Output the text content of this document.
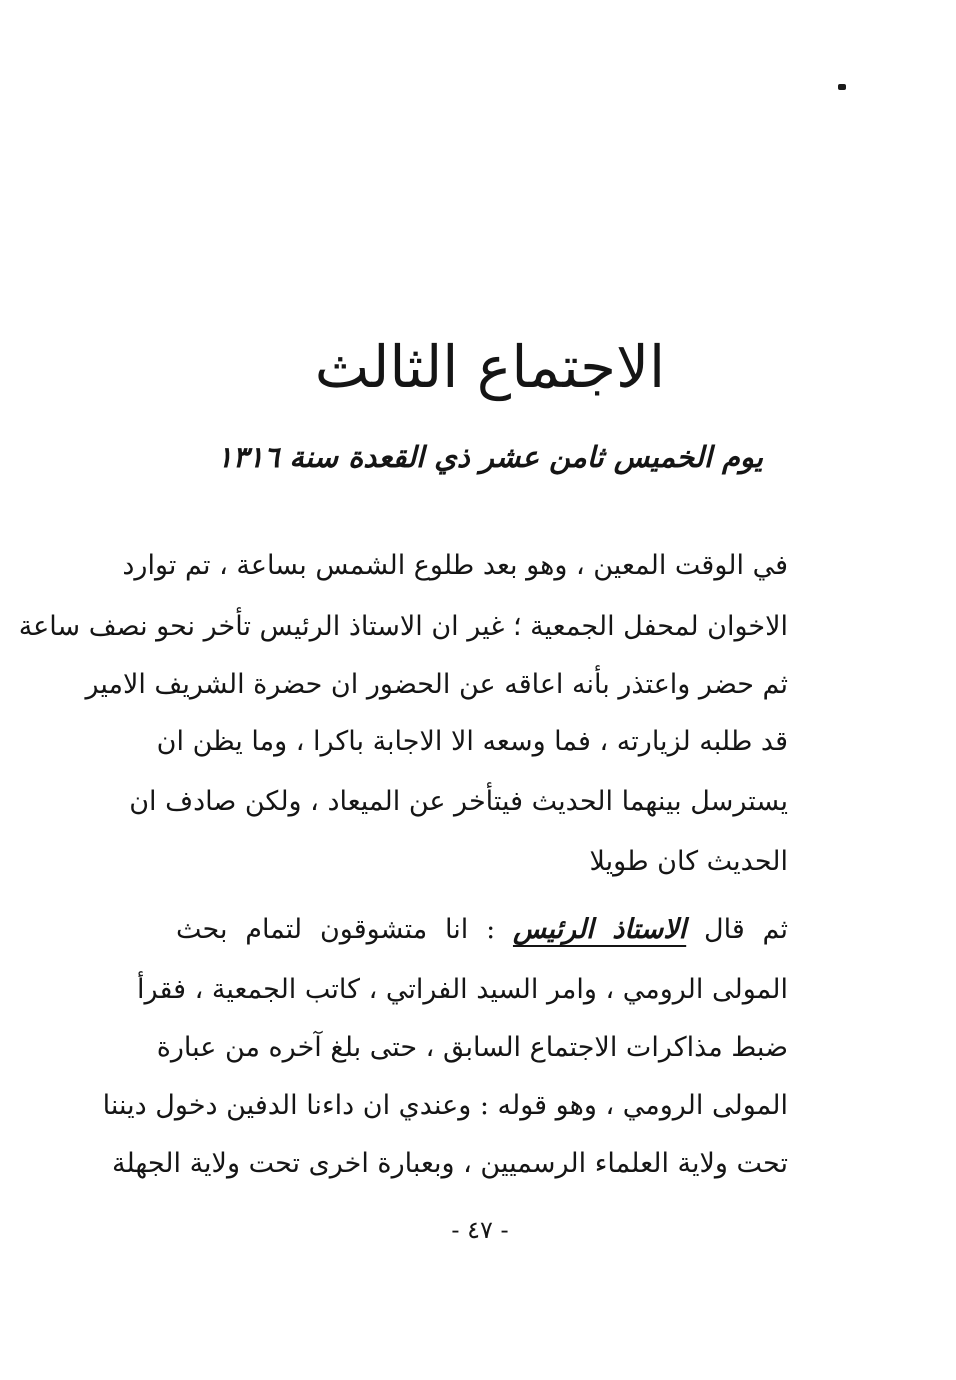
الاجتماع الثالث
يوم الخميس ثامن عشر ذي القعدة سنة ١٣١٦
في الوقت المعين ، وهو بعد طلوع الشمس بساعة ، تم توارد
الاخوان لمحفل الجمعية ؛ غير ان الاستاذ الرئيس تأخر نحو نصف ساعة
ثم حضر واعتذر بأنه اعاقه عن الحضور ان حضرة الشريف الامير
قد طلبه لزيارته ، فما وسعه الا الاجابة باكرا ، وما يظن ان
يسترسل بينهما الحديث فيتأخر عن الميعاد ، ولكن صادف ان
الحديث كان طويلا
ثم قال الاستاذ الرئيس : انا متشوقون لتمام بحث
المولى الرومي ، وامر السيد الفراتي ، كاتب الجمعية ، فقرأ
ضبط مذاكرات الاجتماع السابق ، حتى بلغ آخره من عبارة
المولى الرومي ، وهو قوله : وعندي ان داءنا الدفين دخول ديننا
تحت ولاية العلماء الرسميين ، وبعبارة اخرى تحت ولاية الجهلة
- ٤٧ -
